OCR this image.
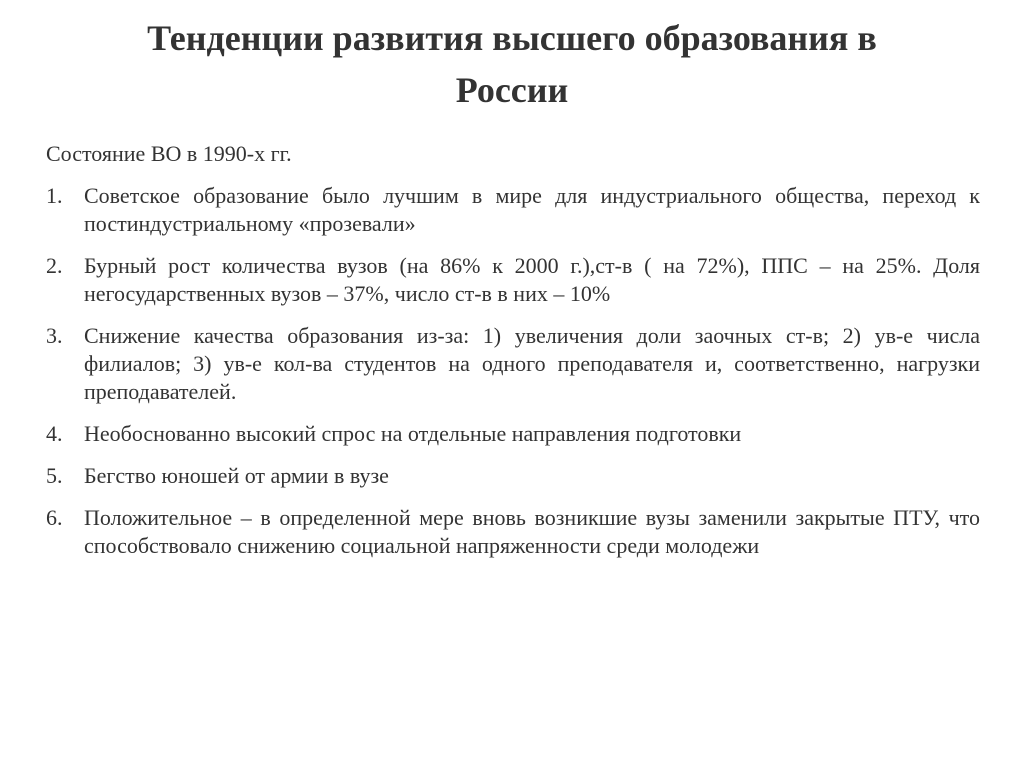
Тенденции развития высшего образования в
России

Состояние ВО в 1990-х гг.

1. Советское образование было лучшим в мире для индустриального общества, переход к постиндустриальному «прозевали»
2. Бурный рост количества вузов (на 86% к 2000 г.),ст-в ( на 72%), ППС – на 25%. Доля негосударственных вузов – 37%, число ст-в в них – 10%
3. Снижение качества образования из-за: 1) увеличения доли заочных ст-в; 2) ув-е числа филиалов; 3) ув-е кол-ва студентов на одного преподавателя и, соответственно, нагрузки преподавателей.
4. Необоснованно высокий спрос на отдельные направления подготовки
5. Бегство юношей от армии в вузе
6. Положительное – в определенной мере вновь возникшие вузы заменили закрытые ПТУ, что способствовало снижению социальной напряженности среди молодежи
